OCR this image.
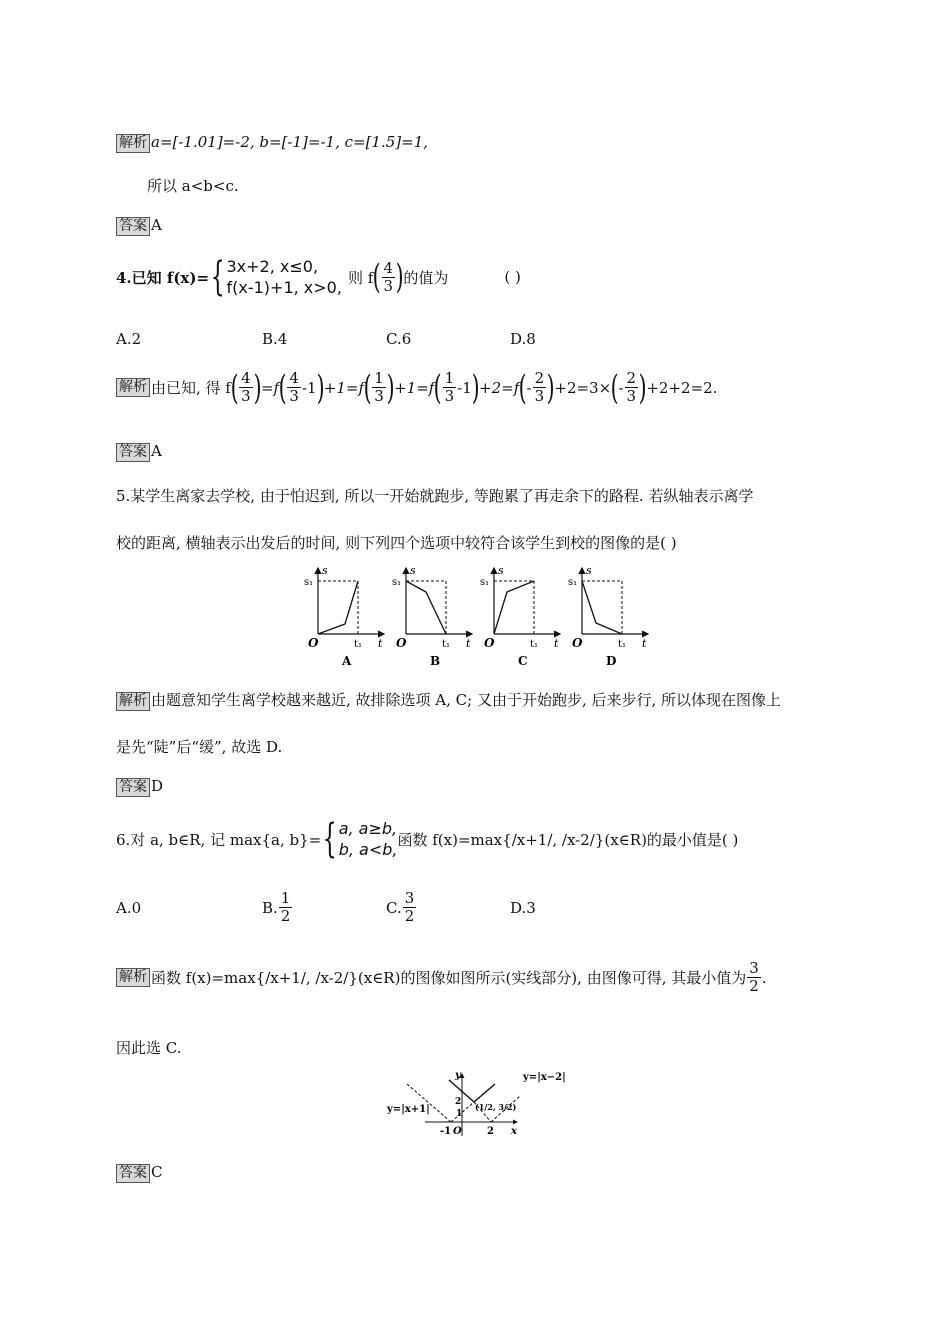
解析 a=[-1.01]=-2, b=[-1]=-1, c=[1.5]=1,
所以 a<b<c.
答案 A
4.已知 f(x)= { 3x+2, x≤0,
f(x-1)+1, x>0,
则 f ( $\frac{4}{3}$ ) 的值为	( )
A.2	B.4	C.6	D.8
解析 由已知, 得 f ( $\frac{4}{3}$ ) =f ( $\frac{4}{3} -1$ ) +1=f ( $\frac{1}{3}$ ) +1=f ( $\frac{1}{3} -1$ ) +2=f ( - $\frac{2}{3}$ ) +2=3× ( - $\frac{2}{3}$ ) +2+2=2.
答案 A
5.某学生离家去学校, 由于怕迟到, 所以一开始就跑步, 等跑累了再走余下的路程. 若纵轴表示离学
校的距离, 横轴表示出发后的时间, 则下列四个选项中较符合该学生到校的图像的是( )
s
s₁
O	t₁ t
A
s
s₁
O	t₁ t
B
s
s₁
O	t₁ t
C
s
s₁
O	t₁ t
D
解析 由题意知学生离学校越来越近, 故排除选项 A, C; 又由于开始跑步, 后来步行, 所以体现在图像上
是先“陡”后“缓”, 故选 D.
答案 D
6.对 a, b∈R, 记 max{a, b}= { a, a≥b,
b, a<b,
函数 f(x)=max{/x+1/, /x-2/}(x∈R)的最小值是( )
A.0	B. $\frac{1}{2}$	C. $\frac{3}{2}$	D.3
解析 函数 f(x)=max{/x+1/, /x-2/}(x∈R)的图像如图所示(实线部分), 由图像可得, 其最小值为 $\frac{3}{2}$ .
因此选 C.
y=|x+1|
y=|x−2|
y
x
-1 O	2
2
1
(1/2, 3/2)
答案 C
